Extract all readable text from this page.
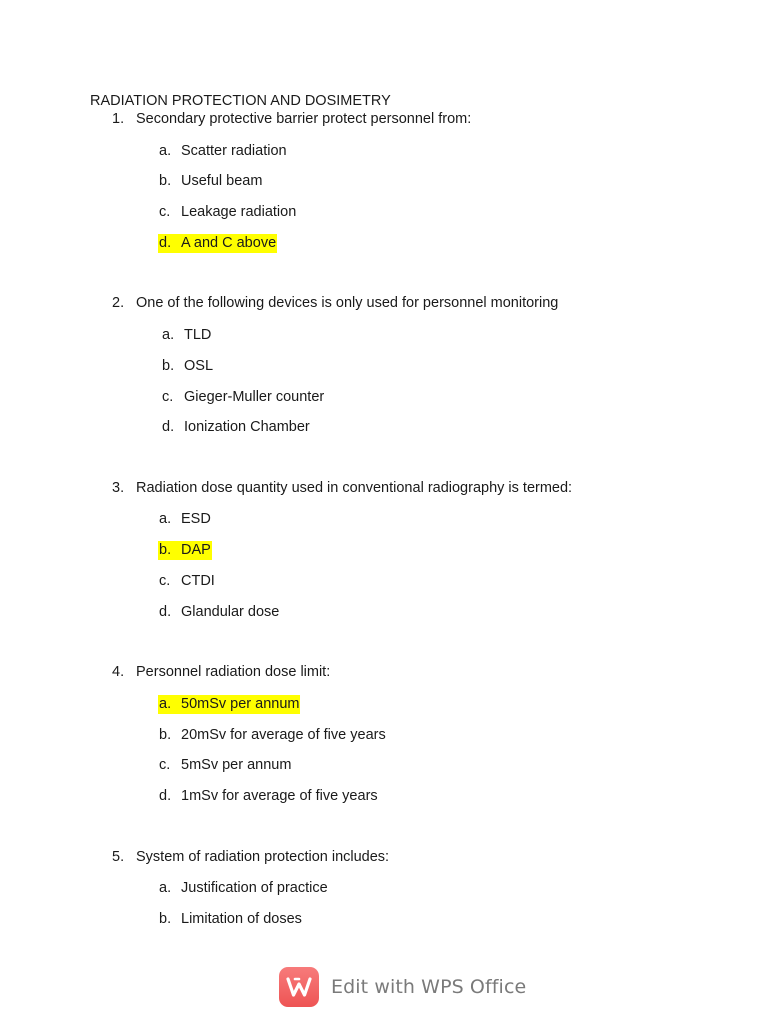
RADIATION PROTECTION AND DOSIMETRY
1. Secondary protective barrier protect personnel from:
a. Scatter radiation
b. Useful beam
c. Leakage radiation
d. A and C above
2. One of the following devices is only used for personnel monitoring
a. TLD
b. OSL
c. Gieger-Muller counter
d. Ionization Chamber
3. Radiation dose quantity used in conventional radiography is termed:
a. ESD
b. DAP
c. CTDI
d. Glandular dose
4. Personnel radiation dose limit:
a. 50mSv per annum
b. 20mSv for average of five years
c. 5mSv per annum
d. 1mSv for average of five years
5. System of radiation protection includes:
a. Justification of practice
b. Limitation of doses
Edit with WPS Office
